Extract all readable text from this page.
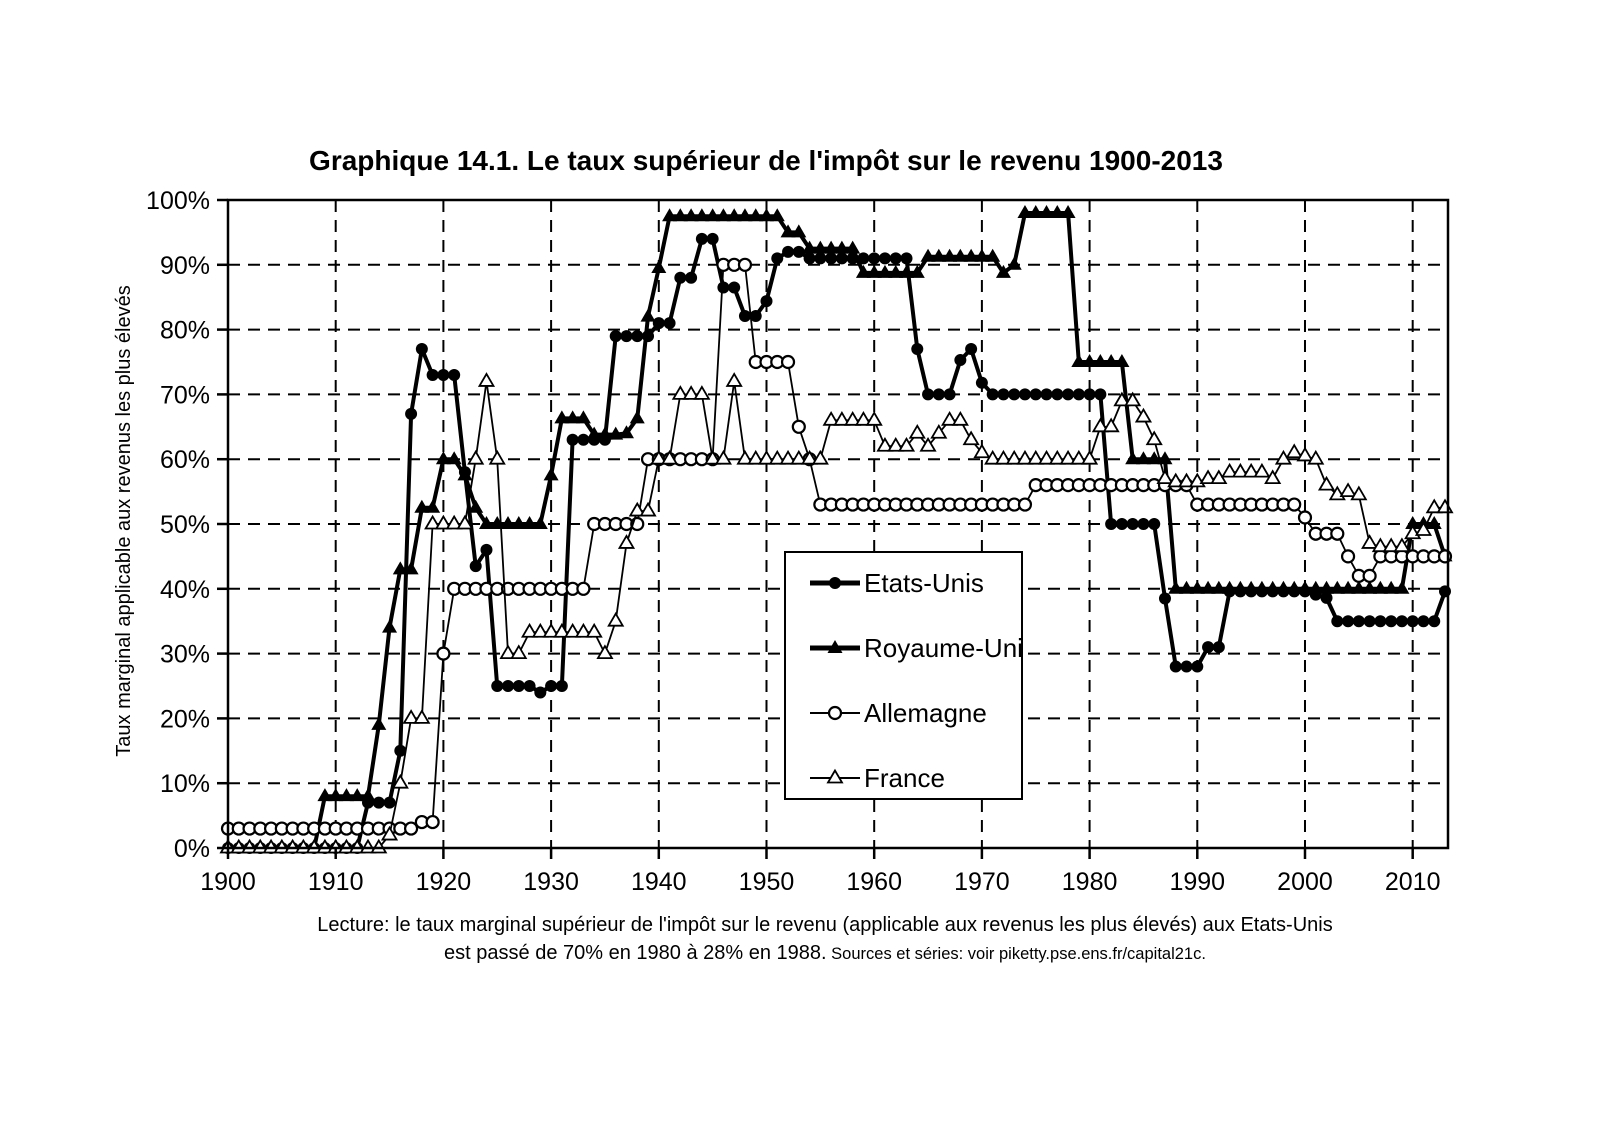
Graphique 14.1. Le taux supérieur de l'impôt sur le revenu 1900-2013
Taux marginal applicable aux revenus les plus élevés
0%
10%
20%
30%
40%
50%
60%
70%
80%
90%
100%
1900 1910 1920 1930 1940 1950 1960 1970 1980 1990 2000 2010
Etats-Unis
Royaume-Uni
Allemagne
France
Lecture: le taux marginal supérieur de l'impôt sur le revenu (applicable aux revenus les plus élevés) aux Etats-Unis
est passé de 70% en 1980 à 28% en 1988. Sources et séries: voir piketty.pse.ens.fr/capital21c.
